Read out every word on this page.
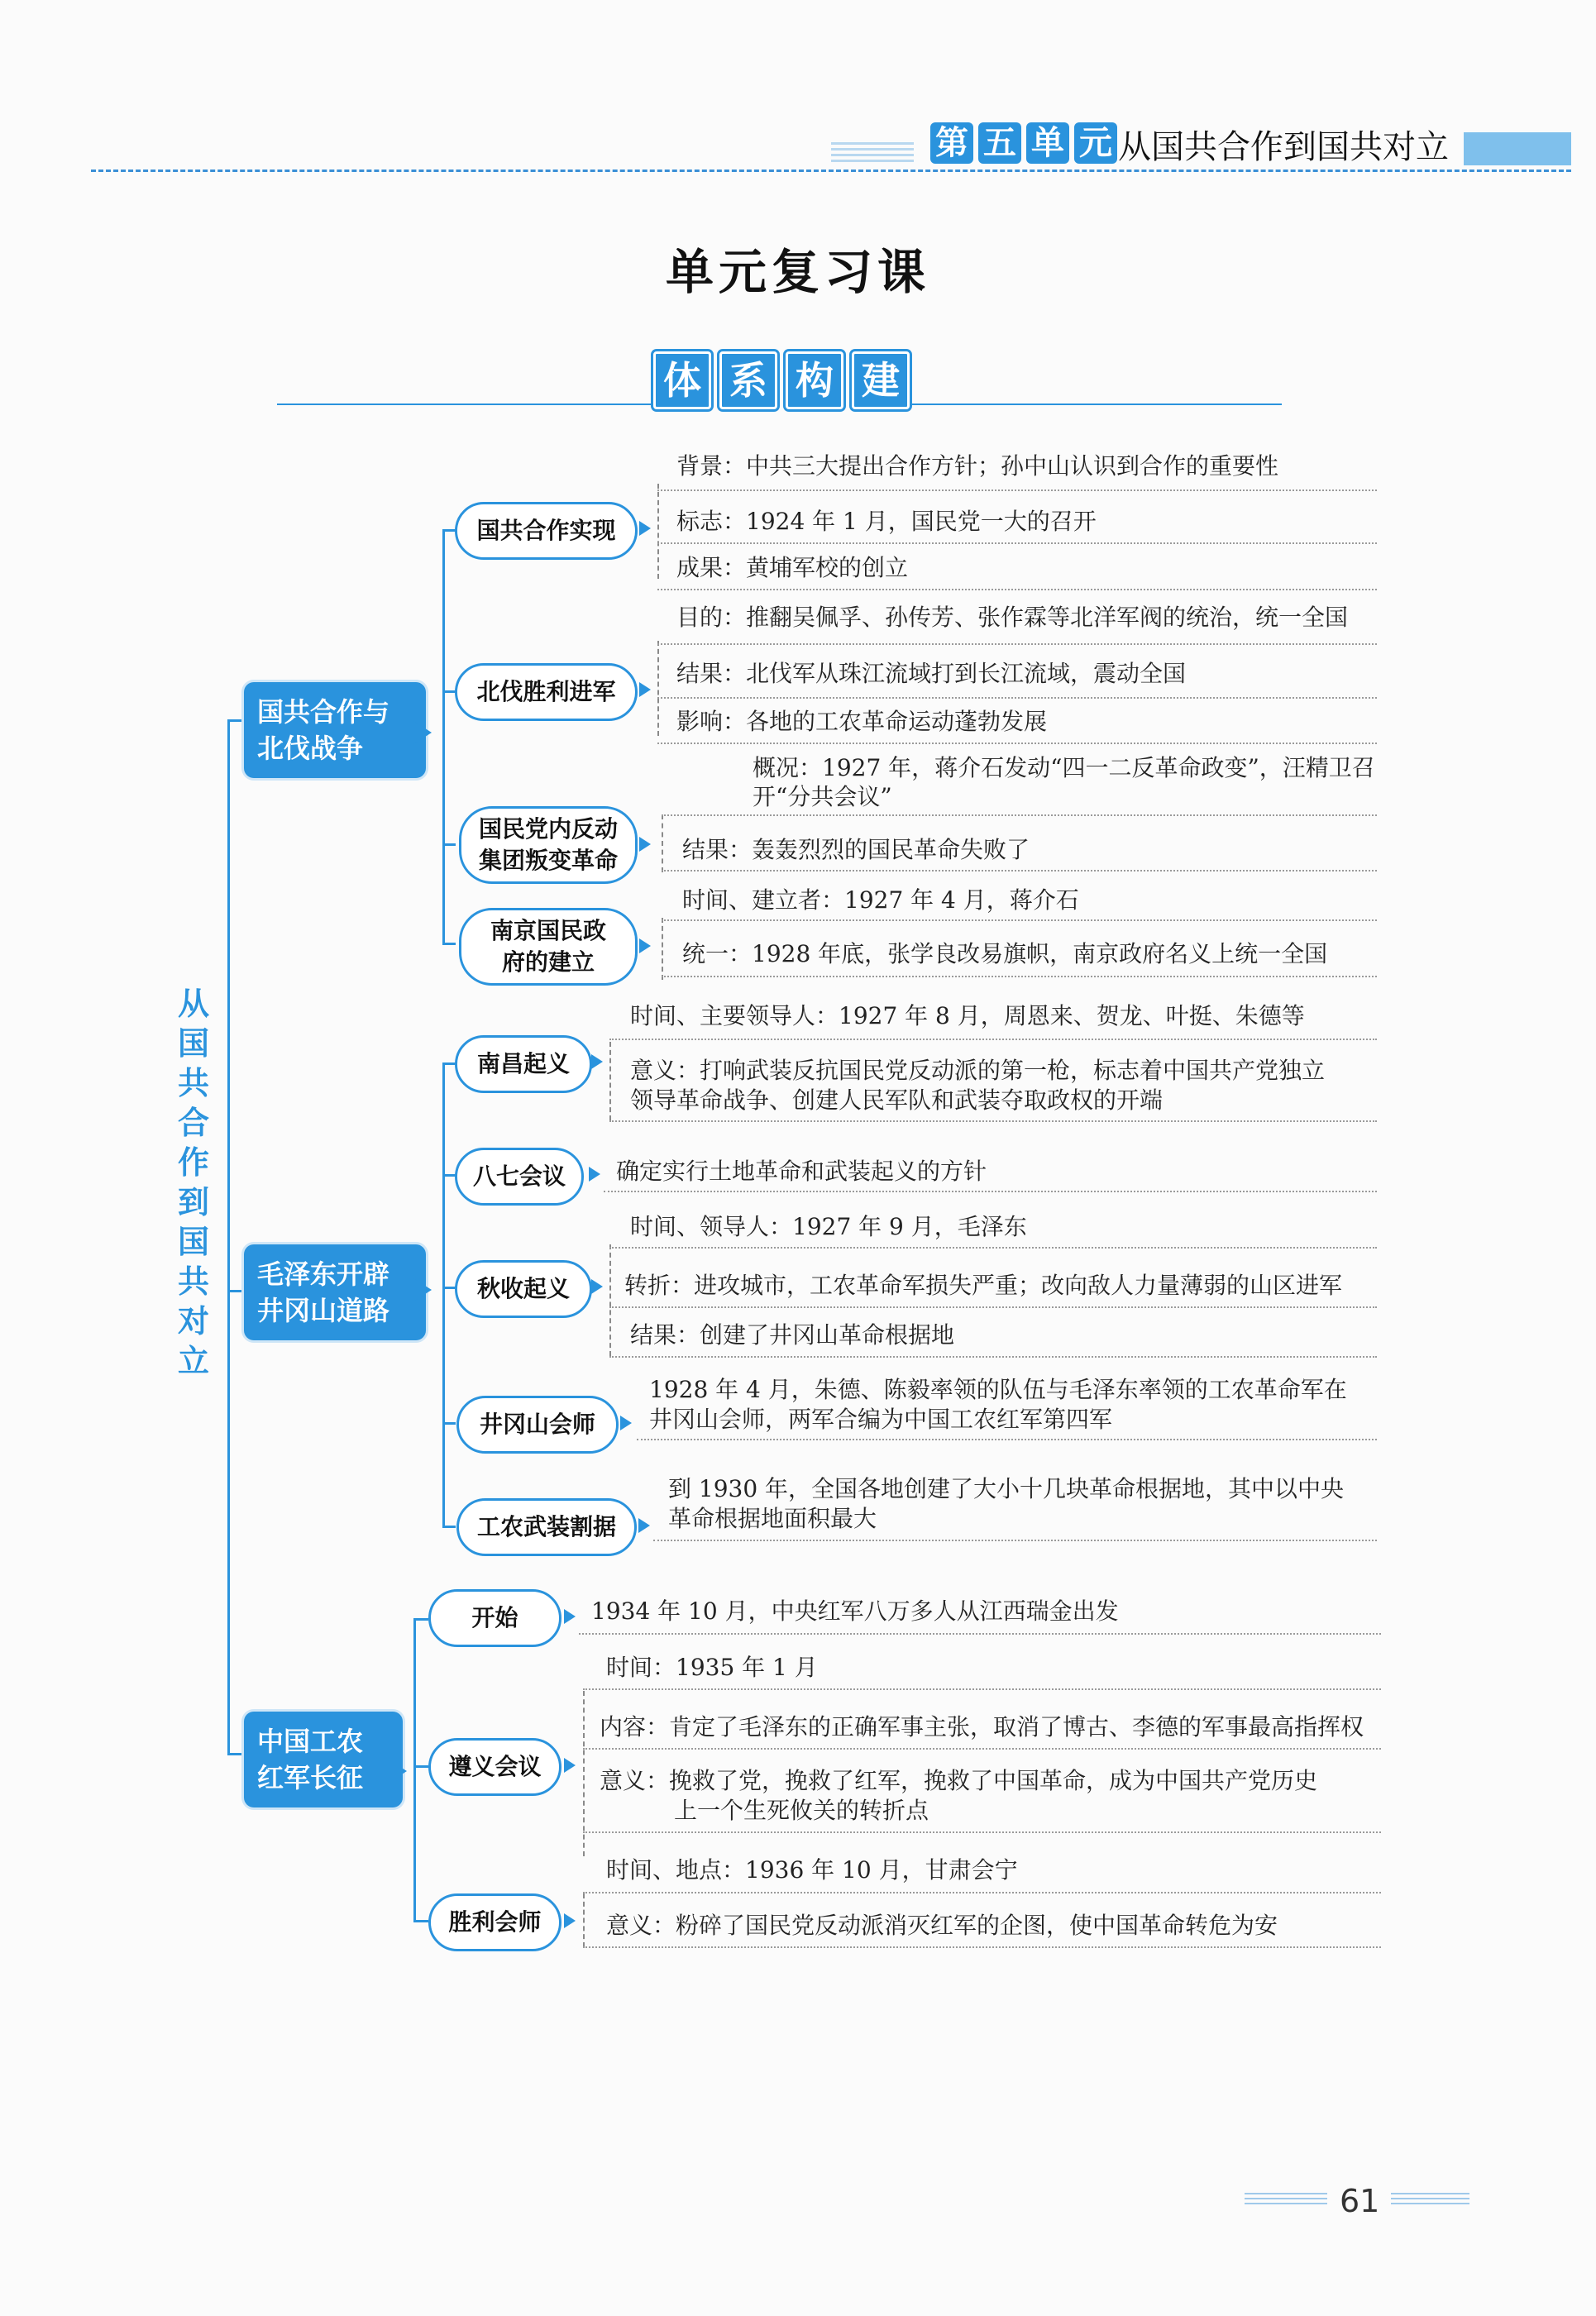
第 五 单 元 从国共合作到国共对立
单元复习课
体 系 构 建
从
国
共
合
作
到
国
共
对
立
国共合作与
北伐战争
国共合作实现
背景：中共三大提出合作方针；孙中山认识到合作的重要性
标志：1924 年 1 月，国民党一大的召开
成果：黄埔军校的创立
北伐胜利进军
目的：推翻吴佩孚、孙传芳、张作霖等北洋军阀的统治，统一全国
结果：北伐军从珠江流域打到长江流域，震动全国
影响：各地的工农革命运动蓬勃发展
国民党内反动
集团叛变革命
概况：1927 年，蒋介石发动“四一二反革命政变”，汪精卫召
开“分共会议”
结果：轰轰烈烈的国民革命失败了
南京国民政
府的建立
时间、建立者：1927 年 4 月，蒋介石
统一：1928 年底，张学良改易旗帜，南京政府名义上统一全国
毛泽东开辟
井冈山道路
南昌起义
时间、主要领导人：1927 年 8 月，周恩来、贺龙、叶挺、朱德等
意义：打响武装反抗国民党反动派的第一枪，标志着中国共产党独立
领导革命战争、创建人民军队和武装夺取政权的开端
八七会议 确定实行土地革命和武装起义的方针
秋收起义
时间、领导人：1927 年 9 月，毛泽东
转折：进攻城市，工农革命军损失严重；改向敌人力量薄弱的山区进军
结果：创建了井冈山革命根据地
井冈山会师
1928 年 4 月，朱德、陈毅率领的队伍与毛泽东率领的工农革命军在
井冈山会师，两军合编为中国工农红军第四军
工农武装割据
到 1930 年，全国各地创建了大小十几块革命根据地，其中以中央
革命根据地面积最大
中国工农
红军长征
开始	1934 年 10 月，中央红军八万多人从江西瑞金出发
遵义会议
时间：1935 年 1 月
内容：肯定了毛泽东的正确军事主张，取消了博古、李德的军事最高指挥权
意义：挽救了党，挽救了红军，挽救了中国革命，成为中国共产党历史
上一个生死攸关的转折点
胜利会师
时间、地点：1936 年 10 月，甘肃会宁
意义：粉碎了国民党反动派消灭红军的企图，使中国革命转危为安
61
